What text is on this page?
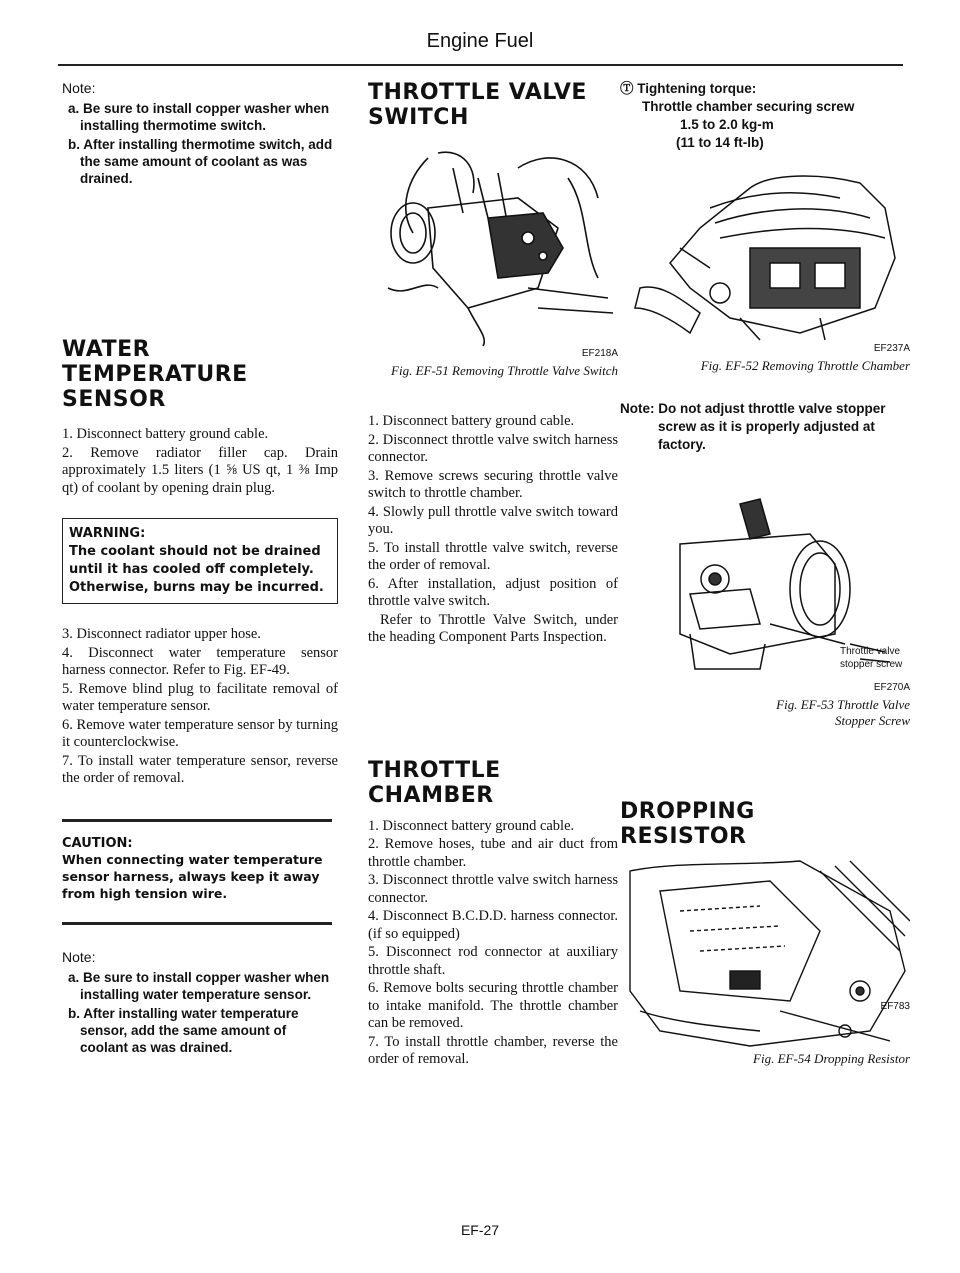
Engine Fuel

Note:

a. Be sure to install copper washer when installing thermotime switch.

b. After installing thermotime switch, add the same amount of coolant as was drained.

WATER
TEMPERATURE
SENSOR

1. Disconnect battery ground cable.

2. Remove radiator filler cap. Drain approximately 1.5 liters (1 ⅝ US qt, 1 ⅜ Imp qt) of coolant by opening drain plug.

WARNING:
The coolant should not be drained until it has cooled off completely. Otherwise, burns may be incurred.

3. Disconnect radiator upper hose.

4. Disconnect water temperature sensor harness connector. Refer to Fig. EF-49.

5. Remove blind plug to facilitate removal of water temperature sensor.

6. Remove water temperature sensor by turning it counterclockwise.

7. To install water temperature sensor, reverse the order of removal.

CAUTION:
When connecting water temperature sensor harness, always keep it away from high tension wire.

Note:

a. Be sure to install copper washer when installing water temperature sensor.

b. After installing water temperature sensor, add the same amount of coolant as was drained.

THROTTLE VALVE
SWITCH
EF218A
Fig. EF-51 Removing Throttle Valve Switch

1. Disconnect battery ground cable.

2. Disconnect throttle valve switch harness connector.

3. Remove screws securing throttle valve switch to throttle chamber.

4. Slowly pull throttle valve switch toward you.

5. To install throttle valve switch, reverse the order of removal.

6. After installation, adjust position of throttle valve switch.

Refer to Throttle Valve Switch, under the heading Component Parts Inspection.

THROTTLE
CHAMBER

1. Disconnect battery ground cable.

2. Remove hoses, tube and air duct from throttle chamber.

3. Disconnect throttle valve switch harness connector.

4. Disconnect B.C.D.D. harness connector. (if so equipped)

5. Disconnect rod connector at auxiliary throttle shaft.

6. Remove bolts securing throttle chamber to intake manifold. The throttle chamber can be removed.

7. To install throttle chamber, reverse the order of removal.

Ⓣ Tightening torque:
Throttle chamber securing screw
1.5 to 2.0 kg-m
(11 to 14 ft-lb)
EF237A
Fig. EF-52 Removing Throttle Chamber
Note: Do not adjust throttle valve stopper screw as it is properly adjusted at factory.
Throttle valve
stopper screw
EF270A
Fig. EF-53 Throttle Valve Stopper Screw
DROPPING
RESISTOR
EF783
Fig. EF-54 Dropping Resistor
EF-27
